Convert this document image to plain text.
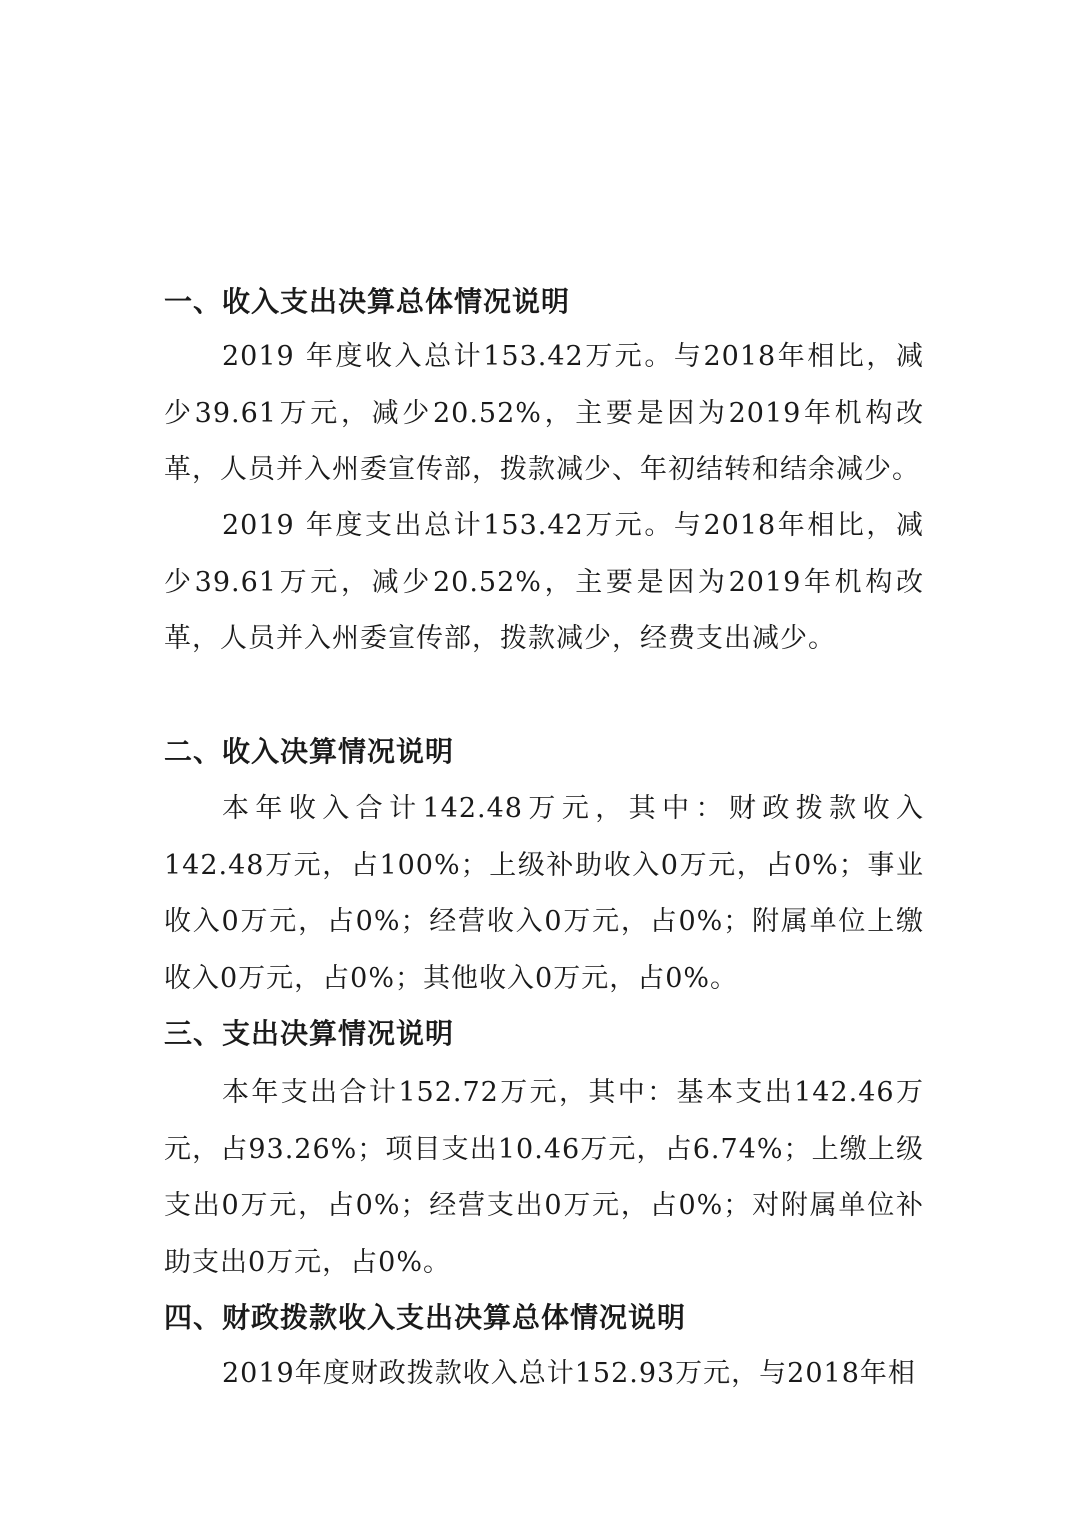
一、收入支出决算总体情况说明

2019 年度收入总计153.42万元。与2018年相比，减少39.61万元，减少20.52%，主要是因为2019年机构改革，人员并入州委宣传部，拨款减少、年初结转和结余减少。

2019 年度支出总计153.42万元。与2018年相比，减少39.61万元，减少20.52%，主要是因为2019年机构改革，人员并入州委宣传部，拨款减少，经费支出减少。

二、收入决算情况说明

本年收入合计142.48万元，其中：财政拨款收入142.48万元，占100%；上级补助收入0万元，占0%；事业收入0万元，占0%；经营收入0万元，占0%；附属单位上缴收入0万元，占0%；其他收入0万元，占0%。

三、支出决算情况说明

本年支出合计152.72万元，其中：基本支出142.46万元，占93.26%；项目支出10.46万元，占6.74%；上缴上级支出0万元，占0%；经营支出0万元，占0%；对附属单位补助支出0万元，占0%。

四、财政拨款收入支出决算总体情况说明

2019年度财政拨款收入总计152.93万元，与2018年相
